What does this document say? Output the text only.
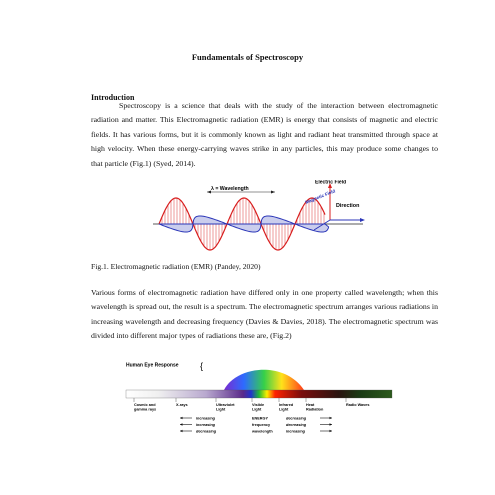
Fundamentals of Spectroscopy
Introduction

Spectroscopy is a science that deals with the study of the interaction between electromagnetic radiation and matter. This Electromagnetic radiation (EMR) is energy that consists of magnetic and electric fields. It has various forms, but it is commonly known as light and radiant heat transmitted through space at high velocity. When these energy-carrying waves strike in any particles, this may produce some changes to that particle (Fig.1) (Syed, 2014).

λ = Wavelength
Electric Field
Direction
Magnetic Field
Fig.1. Electromagnetic radiation (EMR) (Pandey, 2020)

Various forms of electromagnetic radiation have differed only in one property called wavelength; when this wavelength is spread out, the result is a spectrum. The electromagnetic spectrum arranges various radiations in increasing wavelength and decreasing frequency (Davies & Davies, 2018). The electromagnetic spectrum was divided into different major types of radiations these are, (Fig.2)

Human Eye Response {
Cosmic and
gamma rays
X-rays	Ultraviolet
Light
Visible
Light
Infrared
Light
Heat
Radiation
Radio Waves
increasing	ENERGY	decreasing
increasing	frequency	decreasing
decreasing	wavelength	increasing
